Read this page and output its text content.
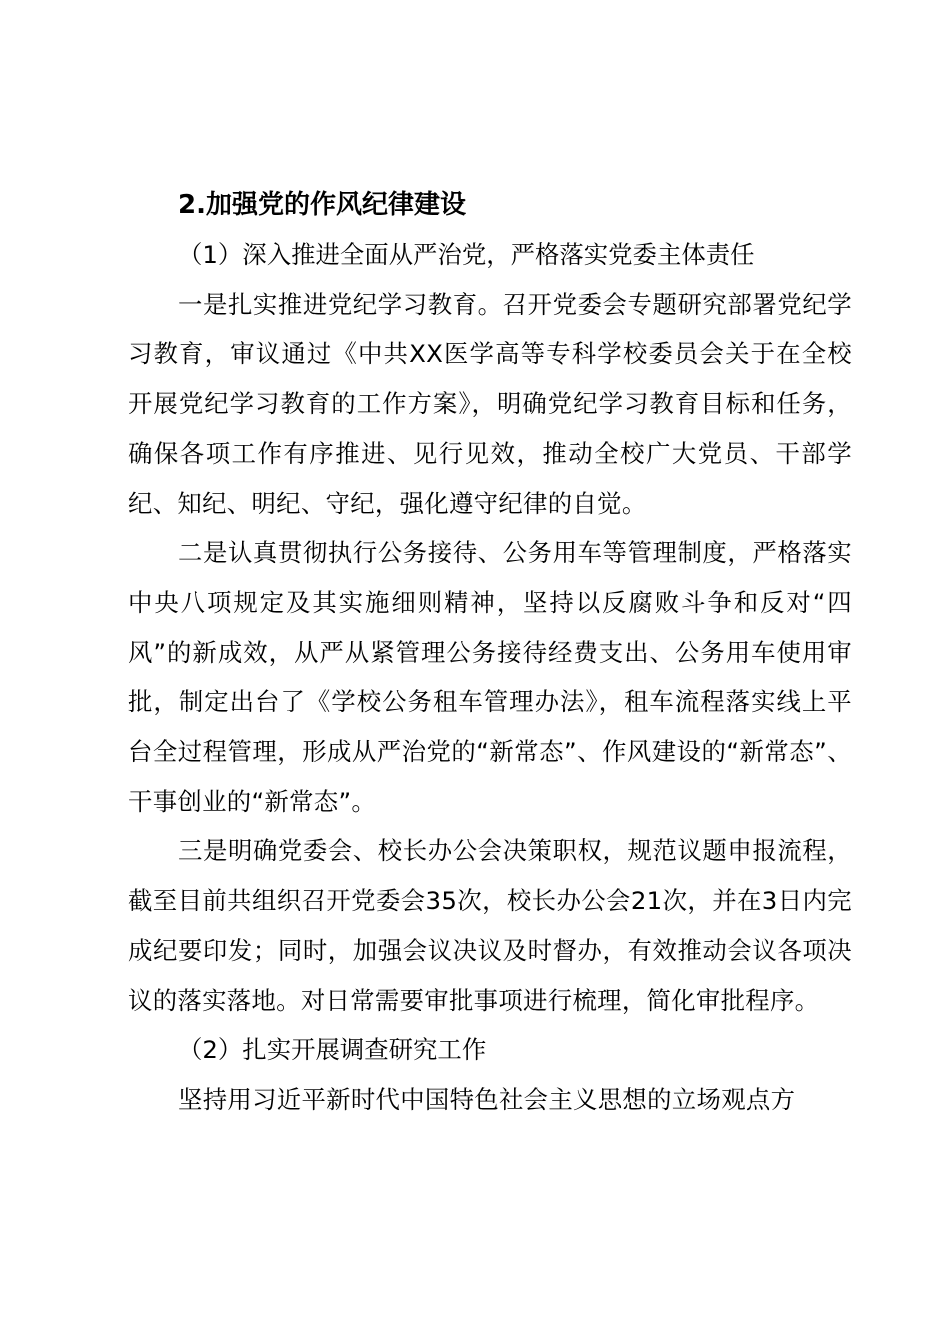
2.加强党的作风纪律建设

（1）深入推进全面从严治党，严格落实党委主体责任

一是扎实推进党纪学习教育。召开党委会专题研究部署党纪学习教育，审议通过《中共XX医学高等专科学校委员会关于在全校开展党纪学习教育的工作方案》，明确党纪学习教育目标和任务，确保各项工作有序推进、见行见效，推动全校广大党员、干部学纪、知纪、明纪、守纪，强化遵守纪律的自觉。

二是认真贯彻执行公务接待、公务用车等管理制度，严格落实中央八项规定及其实施细则精神，坚持以反腐败斗争和反对“四风”的新成效，从严从紧管理公务接待经费支出、公务用车使用审批，制定出台了《学校公务租车管理办法》，租车流程落实线上平台全过程管理，形成从严治党的“新常态”、作风建设的“新常态”、干事创业的“新常态”。

三是明确党委会、校长办公会决策职权，规范议题申报流程，截至目前共组织召开党委会35次，校长办公会21次，并在3日内完成纪要印发；同时，加强会议决议及时督办，有效推动会议各项决议的落实落地。对日常需要审批事项进行梳理，简化审批程序。

（2）扎实开展调查研究工作

坚持用习近平新时代中国特色社会主义思想的立场观点方
